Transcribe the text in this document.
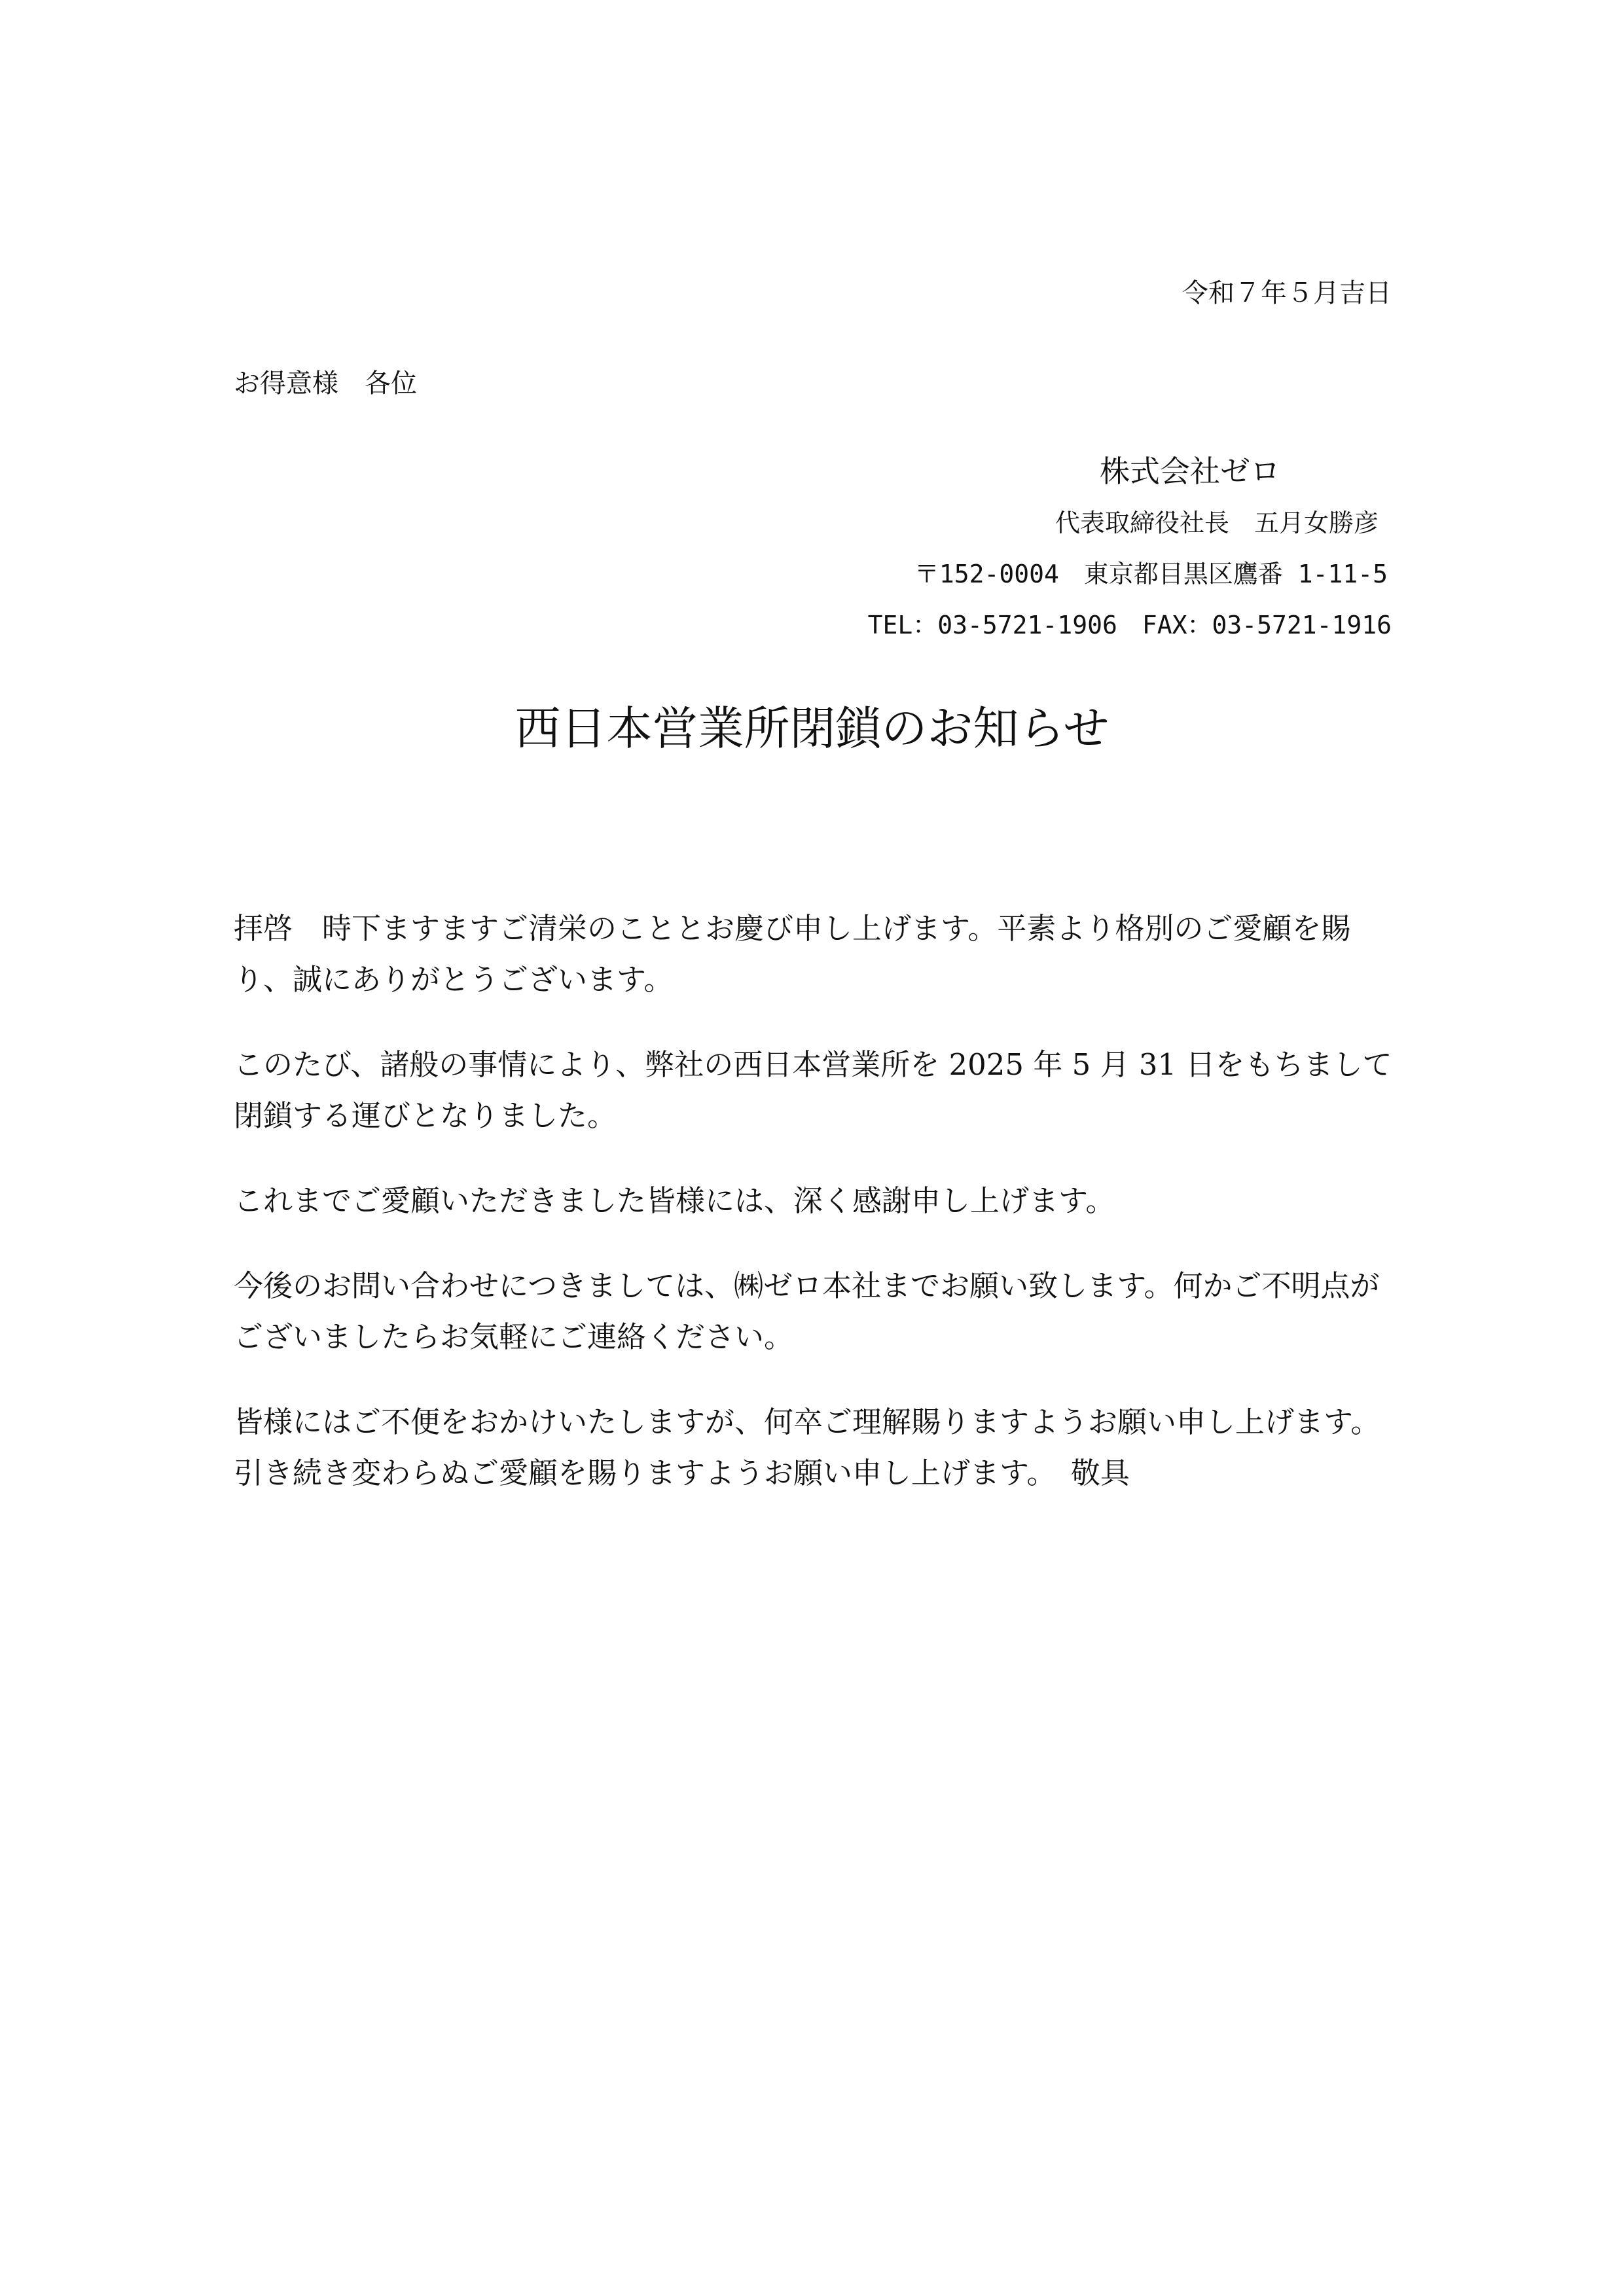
令和７年５月吉日
お得意様　各位
株式会社ゼロ
代表取締役社長　五月女勝彦
〒152-0004　東京都目黒区鷹番 1-11-5
TEL：03-5721-1906　FAX：03-5721-1916
西日本営業所閉鎖のお知らせ

拝啓　時下ますますご清栄のこととお慶び申し上げます。平素より格別のご愛顧を賜り、誠にありがとうございます。

このたび、諸般の事情により、弊社の西日本営業所を 2025 年 5 月 31 日をもちまして閉鎖する運びとなりました。

これまでご愛顧いただきました皆様には、深く感謝申し上げます。

今後のお問い合わせにつきましては、㈱ゼロ本社までお願い致します。何かご不明点がございましたらお気軽にご連絡ください。

皆様にはご不便をおかけいたしますが、何卒ご理解賜りますようお願い申し上げます。引き続き変わらぬご愛顧を賜りますようお願い申し上げます。　敬具
